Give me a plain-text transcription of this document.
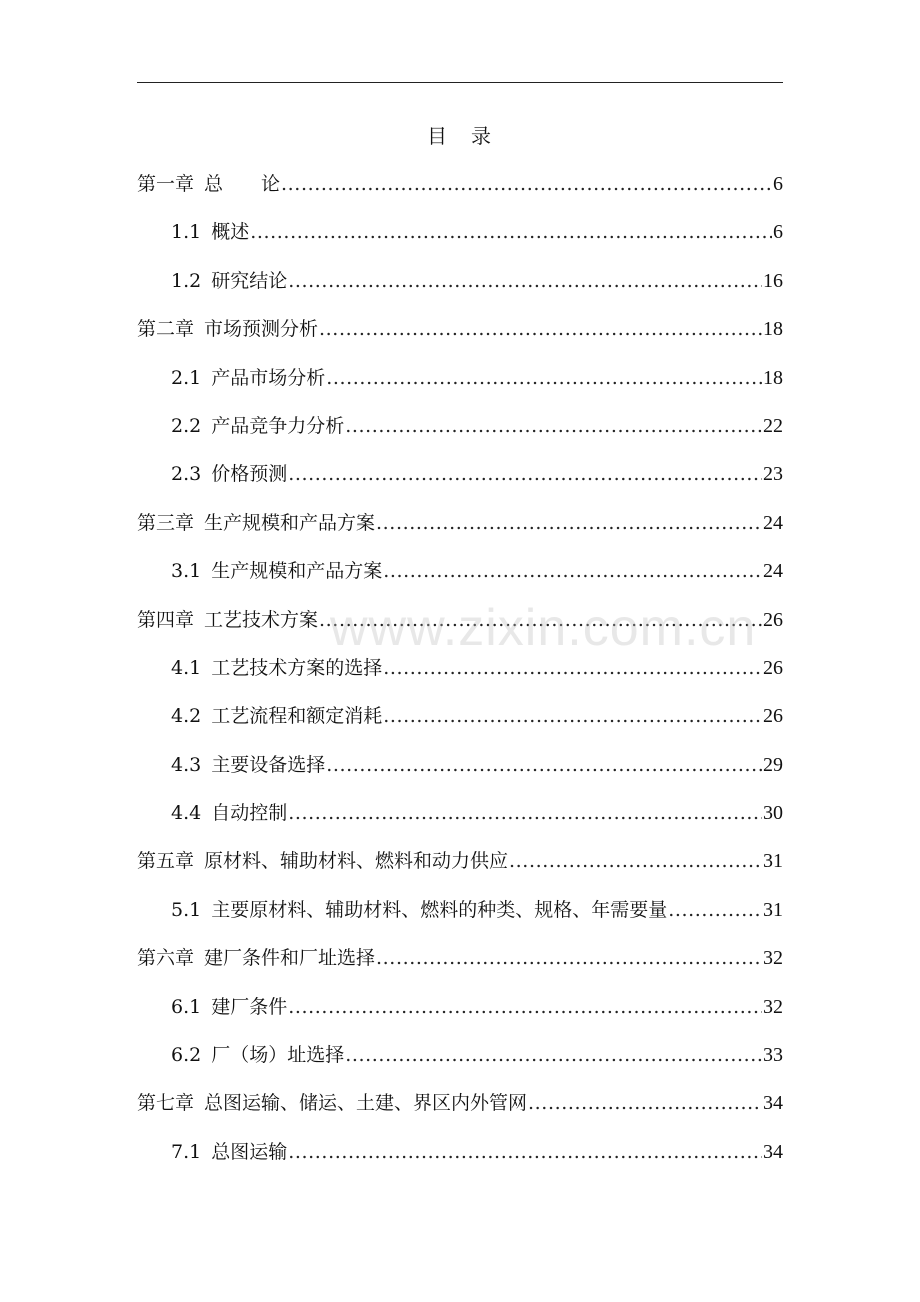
目　录
第一章 总　　论 .....	6
1.1 概述 .....	6
1.2 研究结论 .....	16
第二章 市场预测分析 .....	18
2.1 产品市场分析 .....	18
2.2 产品竞争力分析 .....	22
2.3 价格预测 .....	23
第三章 生产规模和产品方案 .....	24
3.1 生产规模和产品方案 .....	24
第四章 工艺技术方案 .....	26
4.1 工艺技术方案的选择 .....	26
4.2 工艺流程和额定消耗 .....	26
4.3 主要设备选择 .....	29
4.4 自动控制 .....	30
第五章 原材料、辅助材料、燃料和动力供应 .....	31
5.1 主要原材料、辅助材料、燃料的种类、规格、年需要量 .....	31
第六章 建厂条件和厂址选择 .....	32
6.1 建厂条件 .....	32
6.2 厂（场）址选择 .....	33
第七章 总图运输、储运、土建、界区内外管网 .....	34
7.1 总图运输 .....	34
www.zixin.com.cn
